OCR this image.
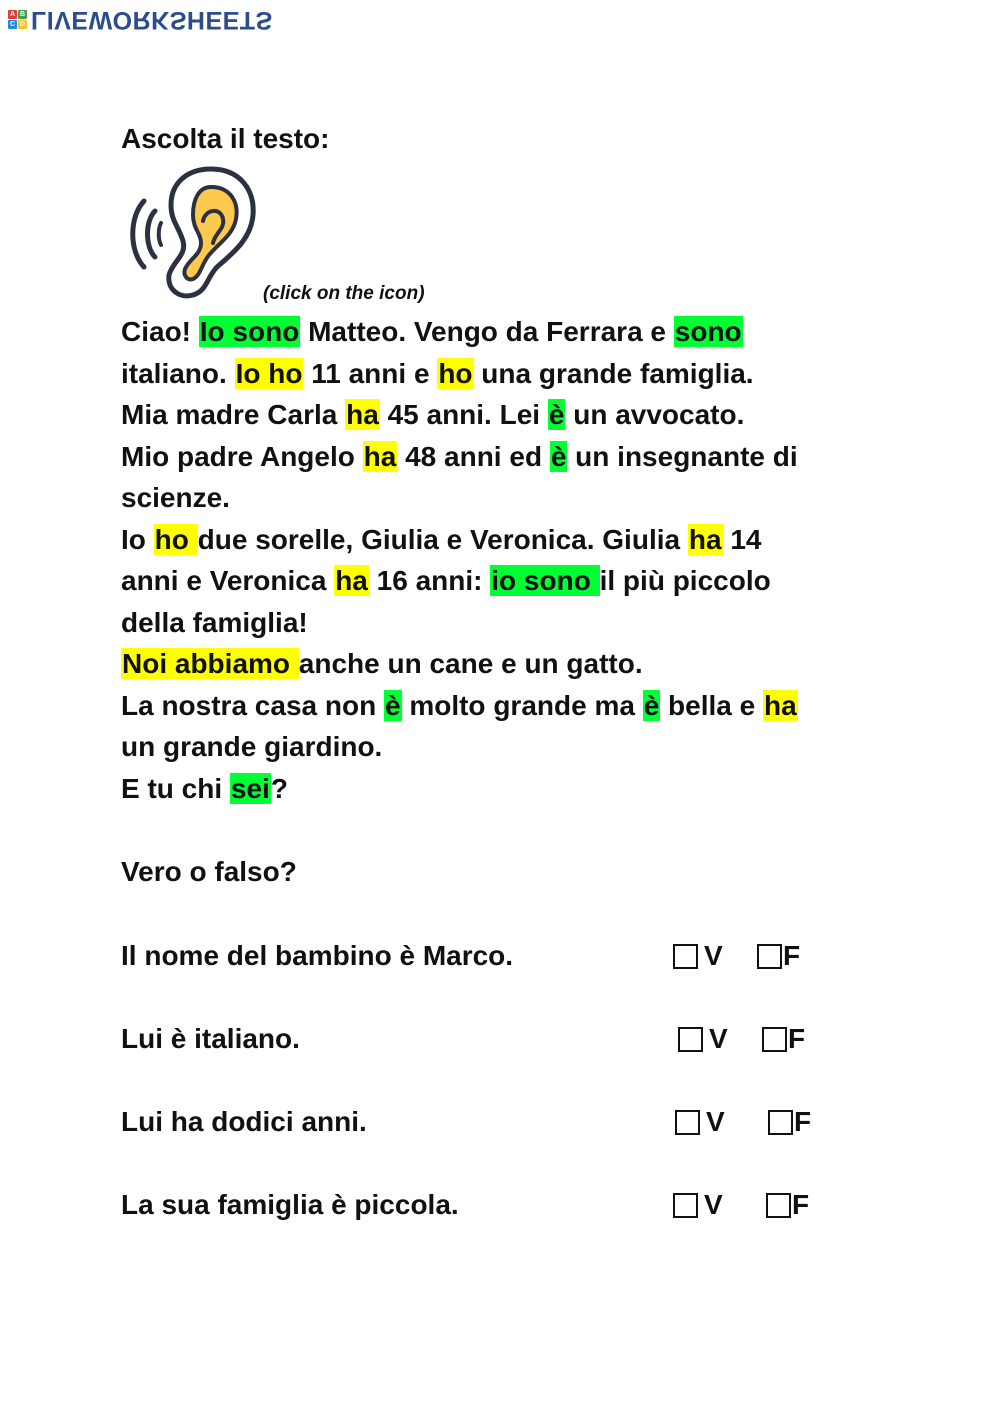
A B
C D LIVEWORKSHEETS
Ascolta il testo:
(click on the icon)
Ciao! Io sono Matteo. Vengo da Ferrara e sono
italiano. Io ho 11 anni e ho una grande famiglia.
Mia madre Carla ha 45 anni. Lei è un avvocato.
Mio padre Angelo ha 48 anni ed è un insegnante di
scienze.
Io ho due sorelle, Giulia e Veronica. Giulia ha 14
anni e Veronica ha 16 anni: io sono il più piccolo
della famiglia!
Noi abbiamo anche un cane e un gatto.
La nostra casa non è molto grande ma è bella e ha
un grande giardino.
E tu chi sei?
Vero o falso?
Il nome del bambino è Marco.	V F
Lui è italiano.	V F
Lui ha dodici anni.	V F
La sua famiglia è piccola.	V F
